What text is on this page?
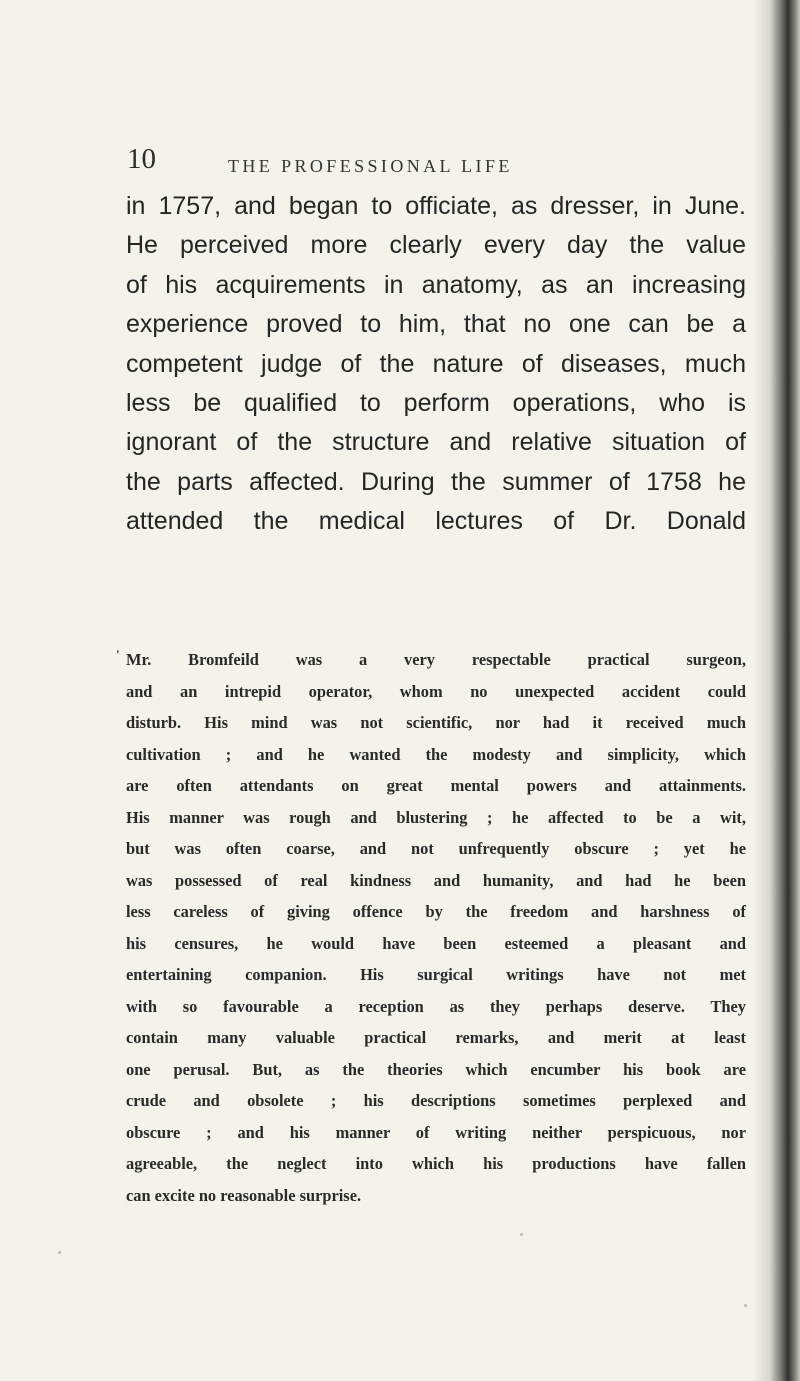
10	THE PROFESSIONAL LIFE
in 1757, and began to officiate, as dresser, in June.
He perceived more clearly every day the value
of his acquirements in anatomy, as an increasing
experience proved to him, that no one can be a
competent judge of the nature of diseases, much
less be qualified to perform operations, who is
ignorant of the structure and relative situation of
the parts affected. During the summer of 1758 he
attended the medical lectures of Dr. Donald
' Mr. Bromfeild was a very respectable practical surgeon,
and an intrepid operator, whom no unexpected accident could
disturb. His mind was not scientific, nor had it received much
cultivation ; and he wanted the modesty and simplicity, which
are often attendants on great mental powers and attainments.
His manner was rough and blustering ; he affected to be a wit,
but was often coarse, and not unfrequently obscure ; yet he
was possessed of real kindness and humanity, and had he been
less careless of giving offence by the freedom and harshness of
his censures, he would have been esteemed a pleasant and
entertaining companion. His surgical writings have not met
with so favourable a reception as they perhaps deserve. They
contain many valuable practical remarks, and merit at least
one perusal. But, as the theories which encumber his book are
crude and obsolete ; his descriptions sometimes perplexed and
obscure ; and his manner of writing neither perspicuous, nor
agreeable, the neglect into which his productions have fallen
can excite no reasonable surprise.
